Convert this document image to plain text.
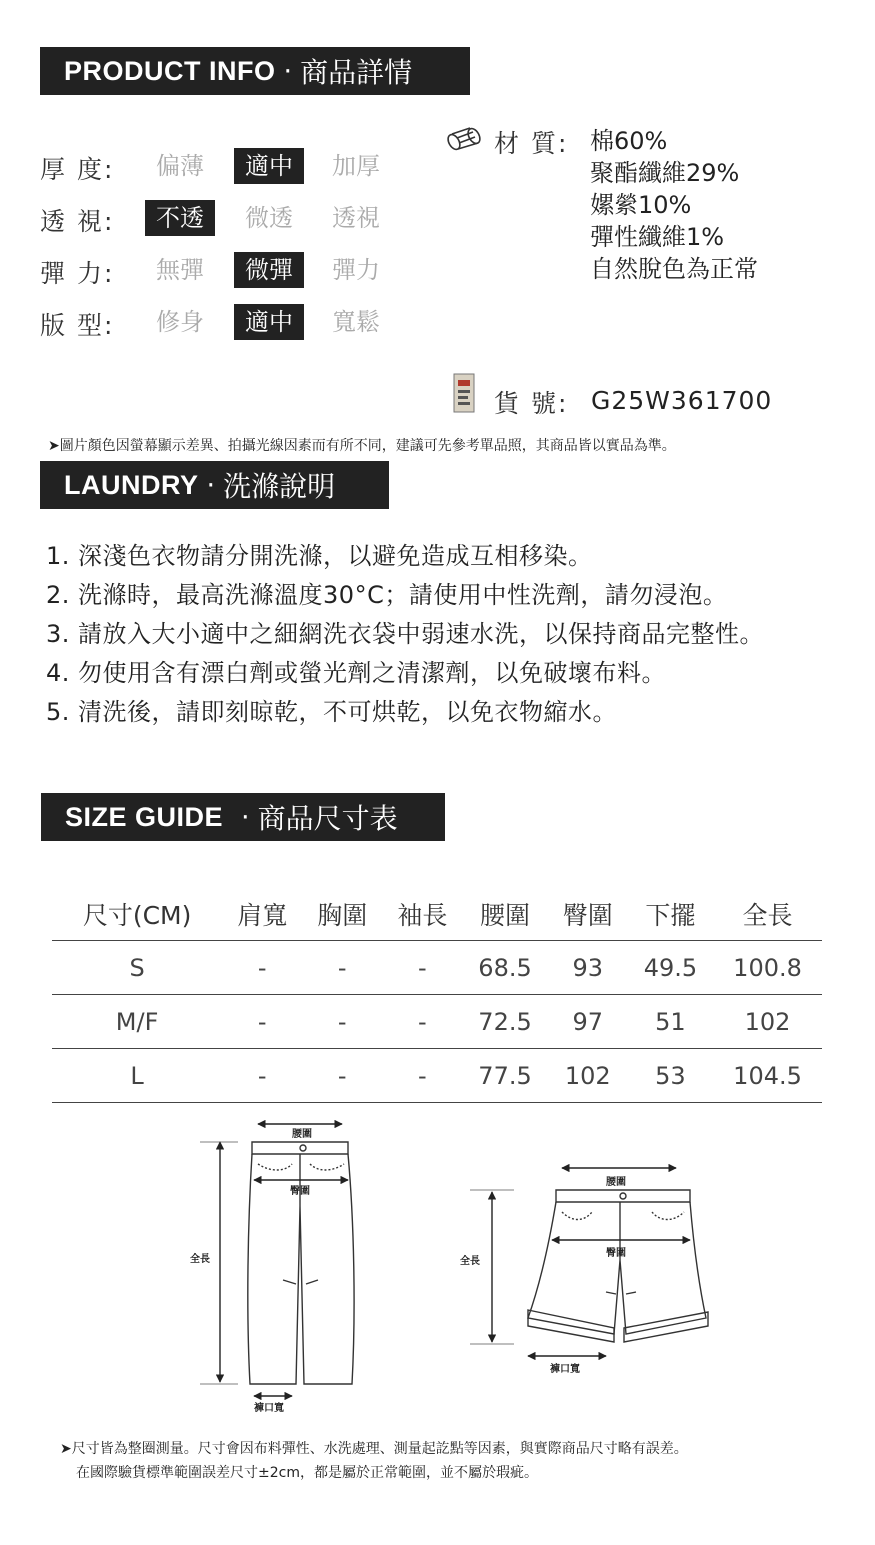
PRODUCT INFO · 商品詳情
厚 度:	偏薄	適中	加厚
透 視:	不透	微透	透視
彈 力:	無彈	微彈	彈力
版 型:	修身	適中	寬鬆
材 質: 棉60%
聚酯纖維29%
嫘縈10%
彈性纖維1%
自然脫色為正常
貨 號: G25W361700
➤圖片顏色因螢幕顯示差異、拍攝光線因素而有所不同，建議可先參考單品照，其商品皆以實品為準。
LAUNDRY · 洗滌說明
1. 深淺色衣物請分開洗滌，以避免造成互相移染。
2. 洗滌時，最高洗滌溫度30°C；請使用中性洗劑，請勿浸泡。
3. 請放入大小適中之細網洗衣袋中弱速水洗，以保持商品完整性。
4. 勿使用含有漂白劑或螢光劑之清潔劑，以免破壞布料。
5. 清洗後，請即刻晾乾，不可烘乾，以免衣物縮水。
SIZE GUIDE · 商品尺寸表
尺寸(CM)	肩寬	胸圍	袖長	腰圍	臀圍	下擺	全長
S	-	-	-	68.5	93	49.5	100.8
M/F	-	-	-	72.5	97	51	102
L	-	-	-	77.5	102	53	104.5
腰圍
臀圍
全長
褲口寬
腰圍
臀圍
全長
褲口寬
➤尺寸皆為整圈測量。尺寸會因布料彈性、水洗處理、測量起訖點等因素，與實際商品尺寸略有誤差。
在國際驗貨標準範圍誤差尺寸±2cm，都是屬於正常範圍，並不屬於瑕疵。
